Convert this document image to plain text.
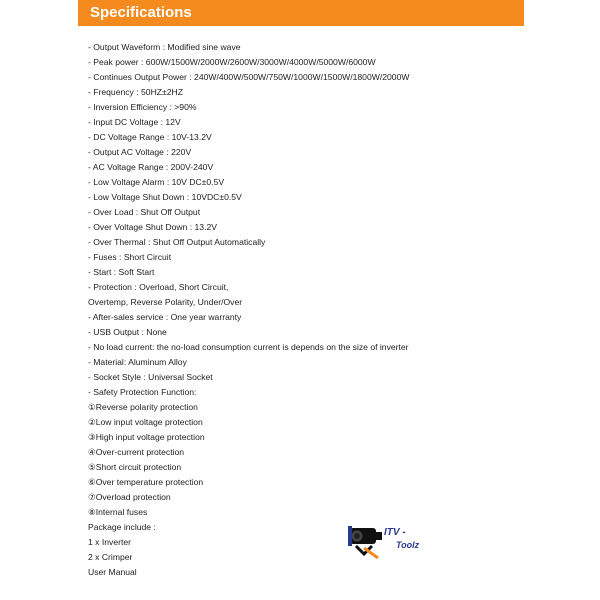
Specifications
- Output Waveform : Modified sine wave
- Peak power : 600W/1500W/2000W/2600W/3000W/4000W/5000W/6000W
- Continues Output Power : 240W/400W/500W/750W/1000W/1500W/1800W/2000W
- Frequency : 50HZ±2HZ
- Inversion Efficiency : >90%
- Input DC Voltage : 12V
- DC Voltage Range : 10V-13.2V
- Output AC Voltage : 220V
- AC Voltage Range : 200V-240V
- Low Voltage Alarm : 10V DC±0.5V
- Low Voltage Shut Down : 10VDC±0.5V
- Over Load : Shut Off Output
- Over Voltage Shut Down : 13.2V
- Over Thermal : Shut Off Output Automatically
- Fuses : Short Circuit
- Start : Soft Start
- Protection : Overload, Short Circuit,
Overtemp, Reverse Polarity, Under/Over
- After-sales service : One year warranty
- USB Output : None
- No load current: the no-load consumption current is depends on the size of inverter
- Material: Aluminum Alloy
- Socket Style : Universal Socket
- Safety Protection Function:
①Reverse polarity protection
②Low input voltage protection
③High input voltage protection
④Over-current protection
⑤Short circuit protection
⑥Over temperature protection
⑦Overload protection
⑧Internal fuses
Package include :
1 x Inverter
2 x Crimper
User Manual
ITV -
Toolz
